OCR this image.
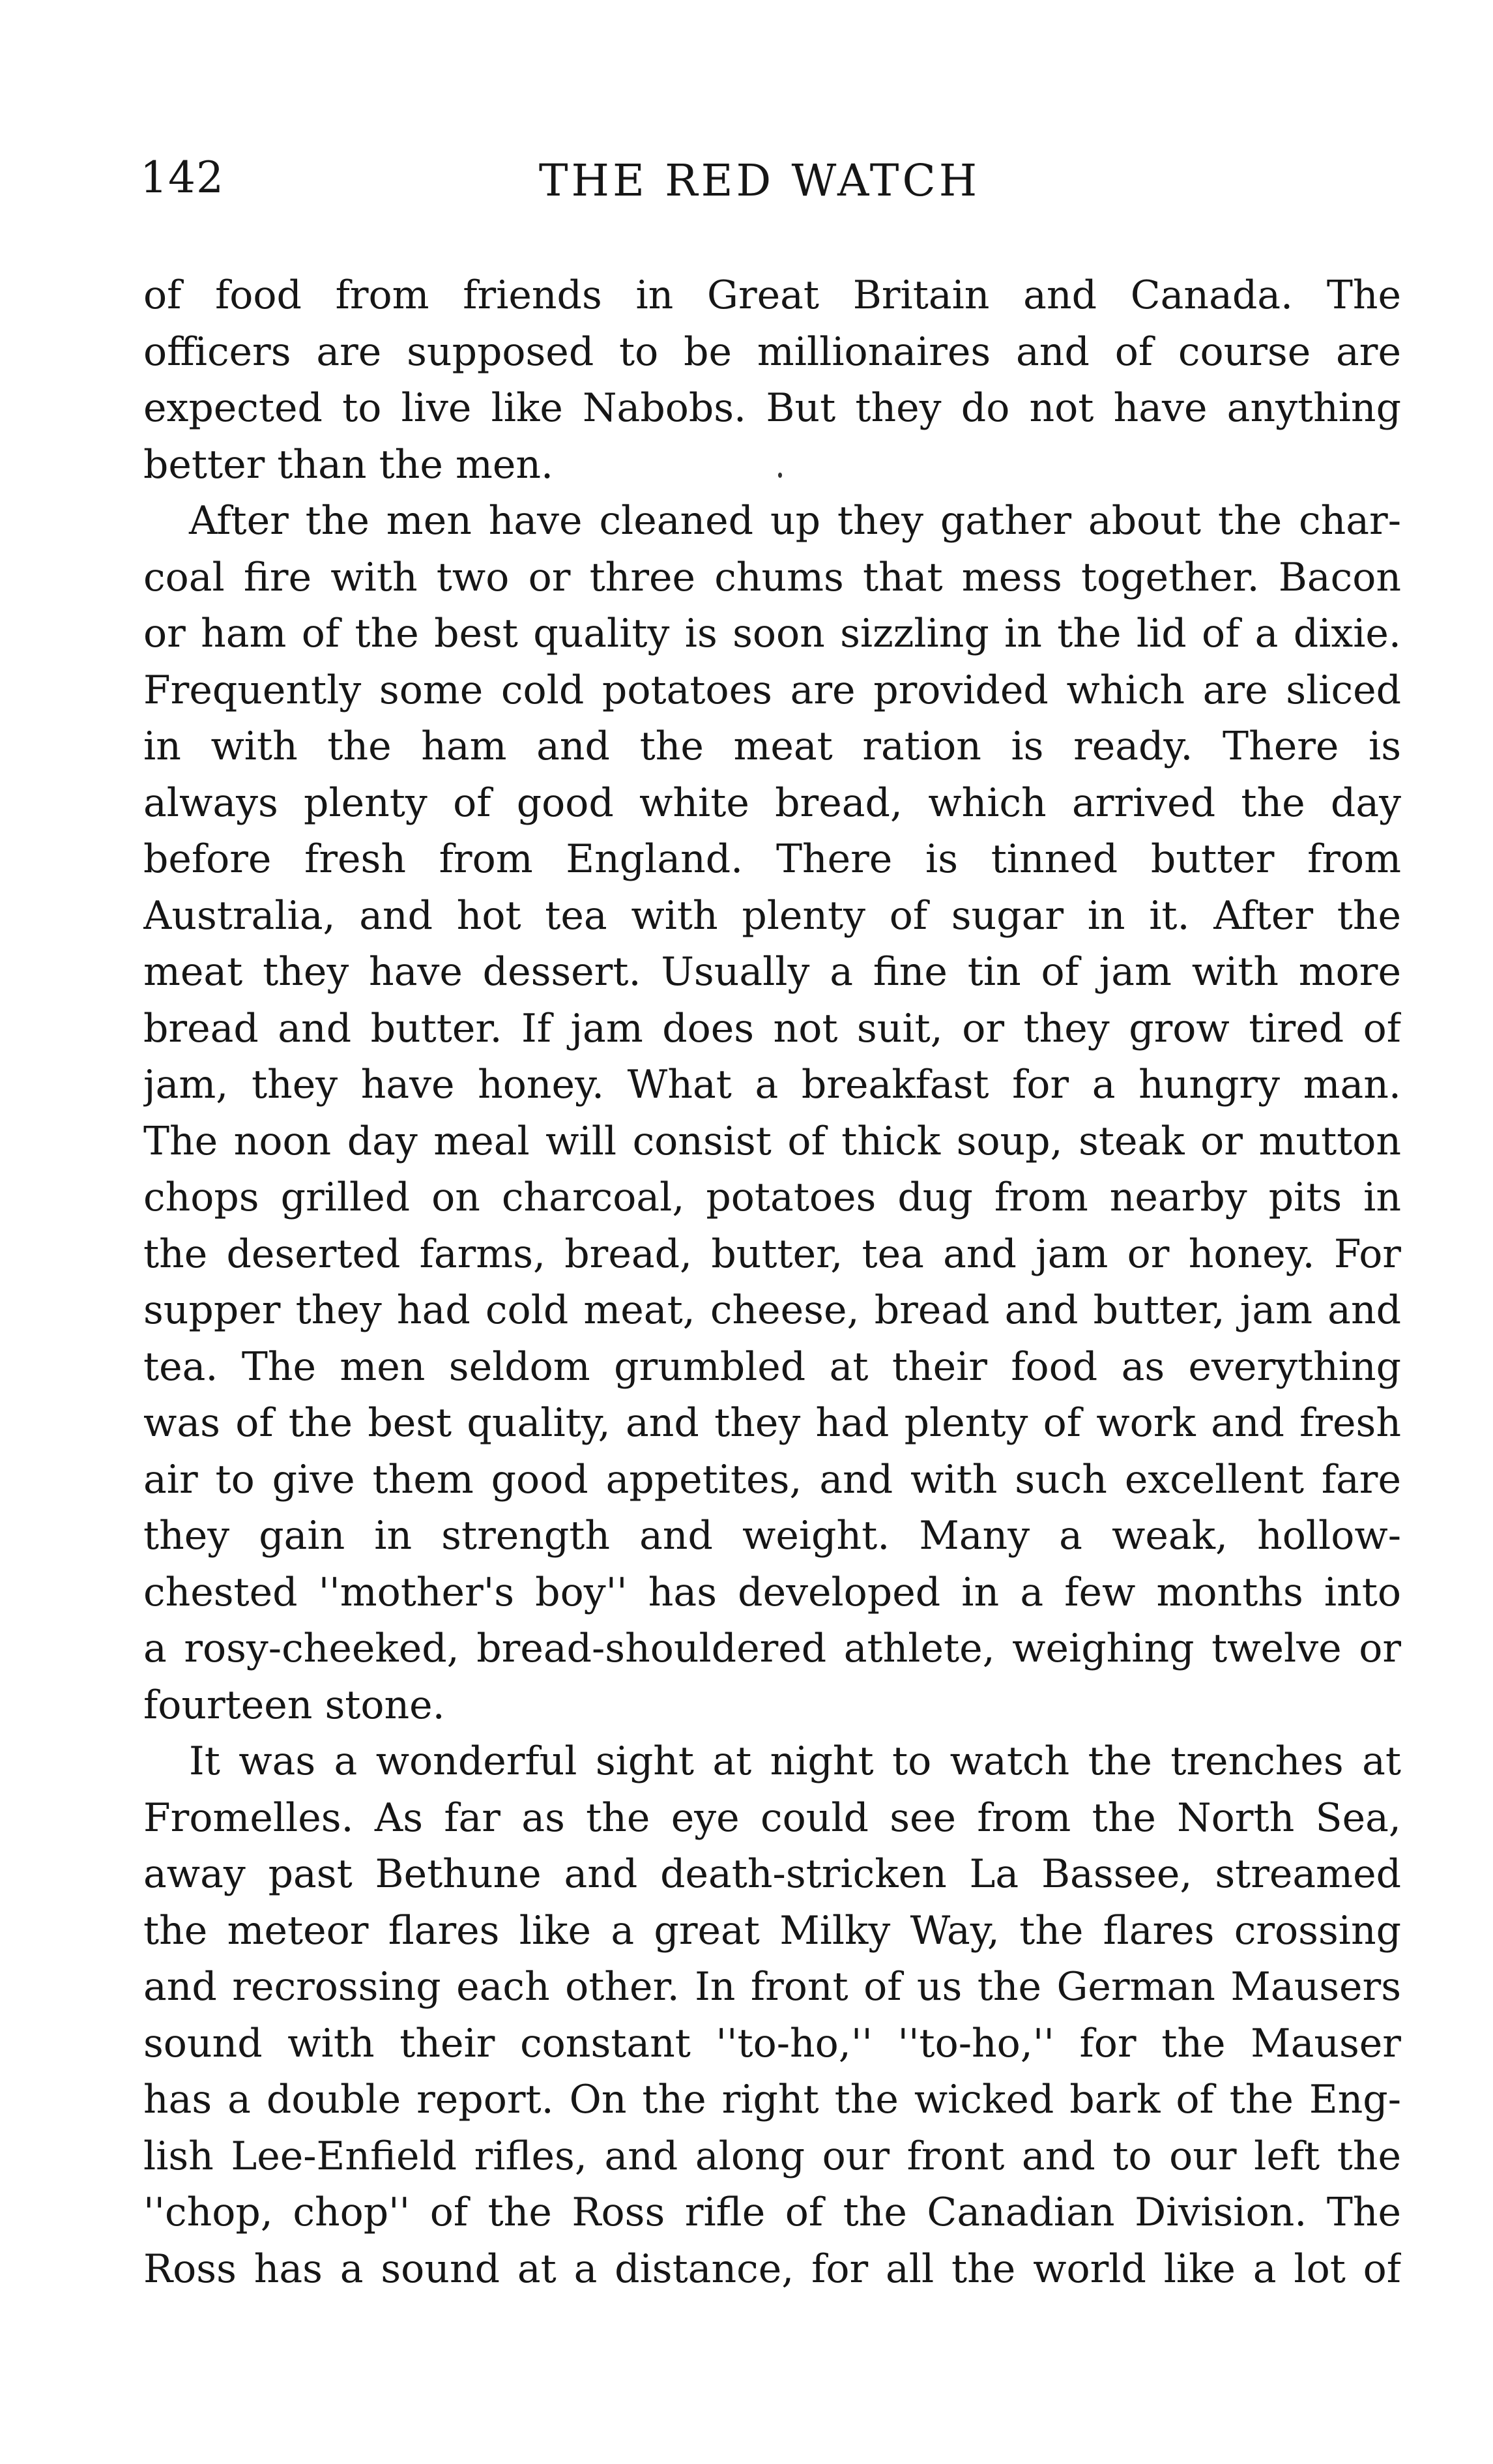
142	THE RED WATCH
of food from friends in Great Britain and Canada. The
officers are supposed to be millionaires and of course are
expected to live like Nabobs. But they do not have anything
better than the men.
After the men have cleaned up they gather about the char-
coal fire with two or three chums that mess together. Bacon
or ham of the best quality is soon sizzling in the lid of a dixie.
Frequently some cold potatoes are provided which are sliced
in with the ham and the meat ration is ready. There is
always plenty of good white bread, which arrived the day
before fresh from England. There is tinned butter from
Australia, and hot tea with plenty of sugar in it. After the
meat they have dessert. Usually a fine tin of jam with more
bread and butter. If jam does not suit, or they grow tired of
jam, they have honey. What a breakfast for a hungry man.
The noon day meal will consist of thick soup, steak or mutton
chops grilled on charcoal, potatoes dug from nearby pits in
the deserted farms, bread, butter, tea and jam or honey. For
supper they had cold meat, cheese, bread and butter, jam and
tea. The men seldom grumbled at their food as everything
was of the best quality, and they had plenty of work and fresh
air to give them good appetites, and with such excellent fare
they gain in strength and weight. Many a weak, hollow-
chested ''mother's boy'' has developed in a few months into
a rosy-cheeked, bread-shouldered athlete, weighing twelve or
fourteen stone.
It was a wonderful sight at night to watch the trenches at
Fromelles. As far as the eye could see from the North Sea,
away past Bethune and death-stricken La Bassee, streamed
the meteor flares like a great Milky Way, the flares crossing
and recrossing each other. In front of us the German Mausers
sound with their constant ''to-ho,'' ''to-ho,'' for the Mauser
has a double report. On the right the wicked bark of the Eng-
lish Lee-Enfield rifles, and along our front and to our left the
''chop, chop'' of the Ross rifle of the Canadian Division. The
Ross has a sound at a distance, for all the world like a lot of
